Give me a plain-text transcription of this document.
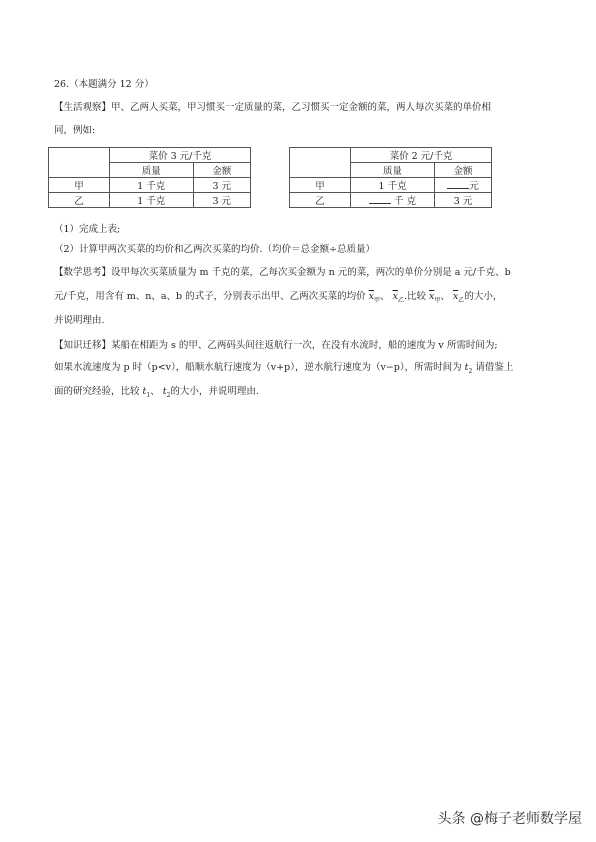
26.（本题满分 12 分）
【生活观察】甲、乙两人买菜，甲习惯买一定质量的菜，乙习惯买一定金额的菜，两人每次买菜的单价相
同，例如:
	菜价 3 元/千克	
	质量	金额
甲	1 千克	3 元
乙	1 千克	3 元
	菜价 2 元/千克	
	质量	金额
甲	1 千克	元
乙	千 克	3 元
（1）完成上表;
（2）计算甲两次买菜的均价和乙两次买菜的均价.（均价＝总金额÷总质量）
【数学思考】设甲每次买菜质量为 m 千克的菜，乙每次买金额为 n 元的菜，两次的单价分别是 a 元/千克、b
元/千克，用含有 m、n、a、b 的式子，分别表示出甲、乙两次买菜的均价 $\overline{x}_甲$、 $\overline{x}_乙$.比较 $\overline{x}_甲$、 $\overline{x}_乙$的大小，
并说明理由.
【知识迁移】某船在相距为 s 的甲、乙两码头间往返航行一次，在没有水流时，船的速度为 v 所需时间为;
如果水流速度为 p 时（p<v），船顺水航行速度为（v+p），逆水航行速度为（v−p），所需时间为 $t_2$ 请借鉴上
面的研究经验，比较 $t_1$、 $t_2$的大小，并说明理由.
头条 @梅子老师数学屋
